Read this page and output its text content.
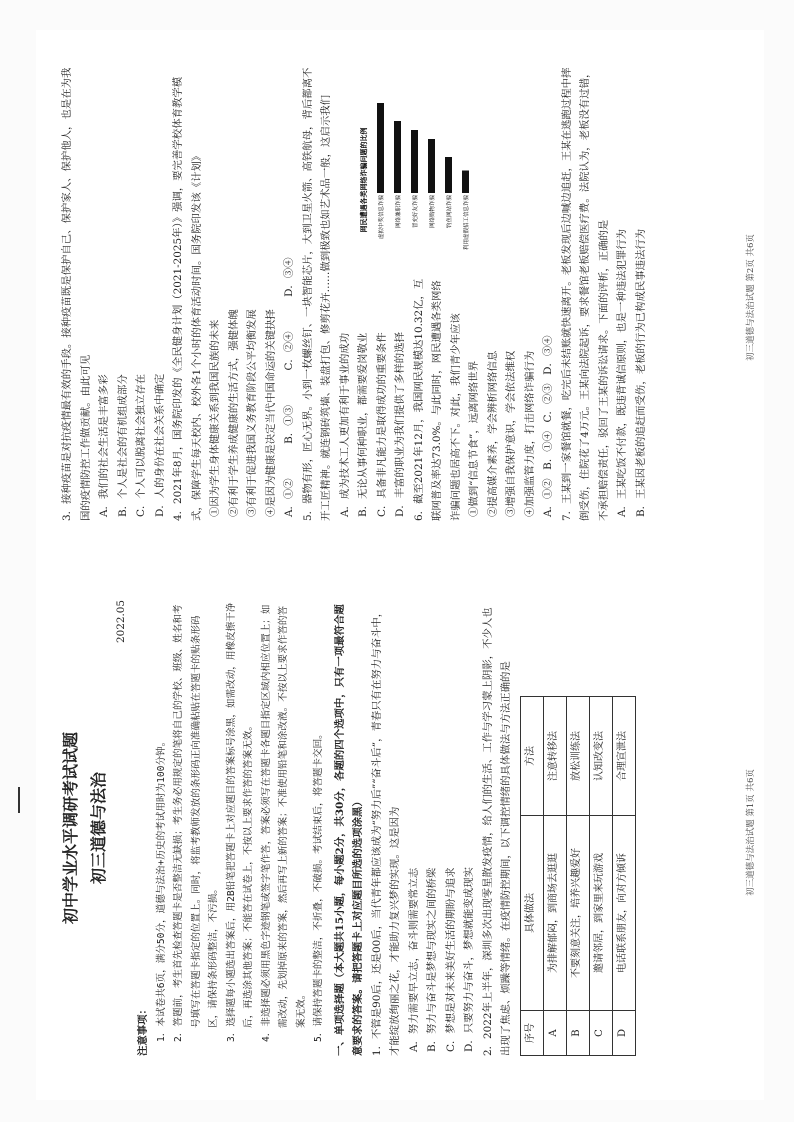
初中学业水平调研考试试题 初三道德与法治
2022.05
注意事项： 1．本试卷共6页，满分50分，道德与法治+历史的考试用时为100分钟。 2．答题前，考生首先检查答题卡是否整洁无缺损；考生务必用规定的笔将自己的学校、班级、姓名和考号填写在答题卡指定的位置上。同时，将监考教师发放的条形码正向准确粘贴在答题卡的贴条形码区，请保持条形码整洁，不污损。 3．选择题每小题选出答案后，用2B铅笔把答题卡上对应题目的答案标号涂黑，如需改动，用橡皮擦干净后，再选涂其他答案；不能答在试卷上，不按以上要求作答的答案无效。 4．非选择题必须用黑色字迹钢笔或签字笔作答，答案必须写在答题卡各题目指定区域内相应位置上；如需改动，先划掉原来的答案，然后再写上新的答案；不准使用铅笔和涂改液。不按以上要求作答的答案无效。 5．请保持答题卡的整洁，不折叠，不破损。考试结束后，将答题卡交回。 一、单项选择题（本大题共15小题，每小题2分，共30分，各题的四个选项中，只有一项最符合题意要求的答案。请把答题卡上对应题目所选的选项涂黑） 1．不管是90后，还是00后，当代青年都应该成为“努力后”“奋斗后”，青春只有在努力与奋斗中，才能绽放绚丽之花，才能助力复兴梦的实现。这是因为 A．努力需要早立志，奋斗则需要常立志 B．努力与奋斗是梦想与现实之间的桥梁 C．梦想是对未来美好生活的期盼与追求 D．只要努力与奋斗，梦想就能变成现实 2．2022年上半年，深圳多次出现零星散发疫情，给人们的生活、工作与学习蒙上阴影，不少人也出现了焦虑、烦躁等情绪。在疫情防控期间，以下调控情绪的具体做法与方法正确的是	序号	具体做法	方法
A	为排解郁闷，到商场去逛逛	注意转移法
B	不要刻意关注，培养兴趣爱好	放松训练法
C	邀请邻居，到家里来玩游戏	认知改变法
D	电话联系朋友，向对方倾诉	合理宣泄法
初三道德与法治试题 第1页 共6页

3．接种疫苗是对抗疫情最有效的手段。接种疫苗既是保护自己、保护家人、保护他人，也是在为我国的疫情防控工作做贡献。由此可见 A．我们的社会生活是丰富多彩 B．个人是社会的有机组成部分 C．个人可以脱离社会独立存在 D．人的身份在社会关系中确定 4．2021年8月，国务院印发的《全民健身计划（2021-2025年）》强调，要完善学校体育教学模式，保障学生每天校内、校外各1个小时的体育活动时间。国务院印发该《计划》 ①因为学生身体健康关系到我国民族的未来 ②有利于学生养成健康的生活方式，强健体魄 ③有利于促进我国义务教育阶段公平均衡发展 ④是因为健康是决定当代中国命运的关键抉择 A．①②    B．①③    C．②④    D．③④ 5．器物有形，匠心无界。小到一枚螺丝钉、一块智能芯片，大到卫星火箭、高铁航母，背后都离不开工匠精神。就连钢砖筑墙、装盘打包、修剪花卉……做到极致也如艺术品一般，这启示我们 A．成为技术工人更加有利于事业的成功 B．无论从事何种职业，都需要爱岗敬业 C．具备非凡能力是取得成功的重要条件 D．丰富的职业为我们提供了多样的选择 6．截至2021年12月，我国网民规模达10.32亿，互联网普及率达73.0%。与此同时，网民遭遇各类网络诈骗问题也居高不下。对此，我们青少年应该 ①做到“信息节食”，远离网络世界 ②提高媒介素养，学会辨析网络信息 ③增强自我保护意识，学会依法维权 ④加强监管力度，打击网络诈骗行为 A．①②  B．①④  C．②③  D．③④ 7．王某到一家餐馆就餐，吃完后未结账就快速离开。老板发现后边喊边追赶，王某在逃跑过程中摔倒受伤，住院花了4万元。王某向法院起诉，要求餐馆老板赔偿医疗费。法院认为，老板没有过错，不承担赔偿责任，驳回了王某的诉讼请求。下面的评析，正确的是 A．王某吃饭不付款，既违背诚信原则，也是一种违法犯罪行为 B．王某因老板的追赶而受伤，老板的行为已构成民事违法行为

网民遭遇各类网络诈骗问题的比例	虚拟中奖信息诈骗	网络兼职诈骗	冒充好友诈骗	网络购物诈骗	钓鱼网站诈骗	利用虚假招工信息诈骗
初三道德与法治试题 第2页 共6页
